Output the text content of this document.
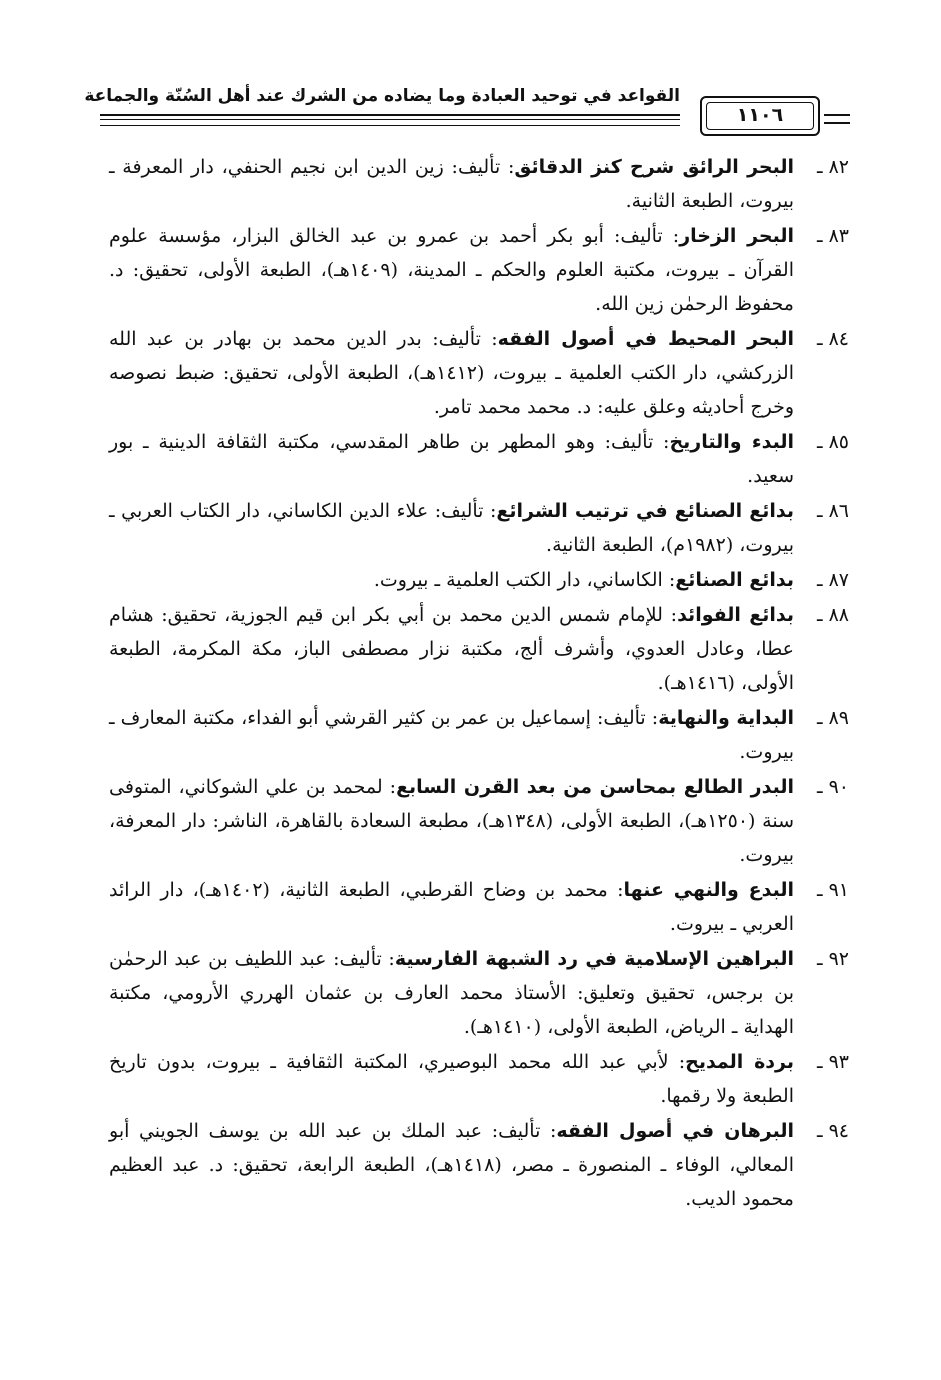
القواعد في توحيد العبادة وما يضاده من الشرك عند أهل السُنّة والجماعة
١١٠٦
٨٢ ـ
البحر الرائق شرح كنز الدقائق: تأليف: زين الدين ابن نجيم الحنفي، دار المعرفة ـ بيروت، الطبعة الثانية.
٨٣ ـ
البحر الزخار: تأليف: أبو بكر أحمد بن عمرو بن عبد الخالق البزار، مؤسسة علوم القرآن ـ بيروت، مكتبة العلوم والحكم ـ المدينة، (١٤٠٩هـ)، الطبعة الأولى، تحقيق: د. محفوظ الرحمٰن زين الله.
٨٤ ـ
البحر المحيط في أصول الفقه: تأليف: بدر الدين محمد بن بهادر بن عبد الله الزركشي، دار الكتب العلمية ـ بيروت، (١٤١٢هـ)، الطبعة الأولى، تحقيق: ضبط نصوصه وخرج أحاديثه وعلق عليه: د. محمد محمد تامر.
٨٥ ـ
البدء والتاريخ: تأليف: وهو المطهر بن طاهر المقدسي، مكتبة الثقافة الدينية ـ بور سعيد.
٨٦ ـ
بدائع الصنائع في ترتيب الشرائع: تأليف: علاء الدين الكاساني، دار الكتاب العربي ـ بيروت، (١٩٨٢م)، الطبعة الثانية.
٨٧ ـ
بدائع الصنائع: الكاساني، دار الكتب العلمية ـ بيروت.
٨٨ ـ
بدائع الفوائد: للإمام شمس الدين محمد بن أبي بكر ابن قيم الجوزية، تحقيق: هشام عطا، وعادل العدوي، وأشرف ألج، مكتبة نزار مصطفى الباز، مكة المكرمة، الطبعة الأولى، (١٤١٦هـ).
٨٩ ـ
البداية والنهاية: تأليف: إسماعيل بن عمر بن كثير القرشي أبو الفداء، مكتبة المعارف ـ بيروت.
٩٠ ـ
البدر الطالع بمحاسن من بعد القرن السابع: لمحمد بن علي الشوكاني، المتوفى سنة (١٢٥٠هـ)، الطبعة الأولى، (١٣٤٨هـ)، مطبعة السعادة بالقاهرة، الناشر: دار المعرفة، بيروت.
٩١ ـ
البدع والنهي عنها: محمد بن وضاح القرطبي، الطبعة الثانية، (١٤٠٢هـ)، دار الرائد العربي ـ بيروت.
٩٢ ـ
البراهين الإسلامية في رد الشبهة الفارسية: تأليف: عبد اللطيف بن عبد الرحمٰن بن برجس، تحقيق وتعليق: الأستاذ محمد العارف بن عثمان الهرري الأرومي، مكتبة الهداية ـ الرياض، الطبعة الأولى، (١٤١٠هـ).
٩٣ ـ
بردة المديح: لأبي عبد الله محمد البوصيري، المكتبة الثقافية ـ بيروت، بدون تاريخ الطبعة ولا رقمها.
٩٤ ـ
البرهان في أصول الفقه: تأليف: عبد الملك بن عبد الله بن يوسف الجويني أبو المعالي، الوفاء ـ المنصورة ـ مصر، (١٤١٨هـ)، الطبعة الرابعة، تحقيق: د. عبد العظيم محمود الديب.
